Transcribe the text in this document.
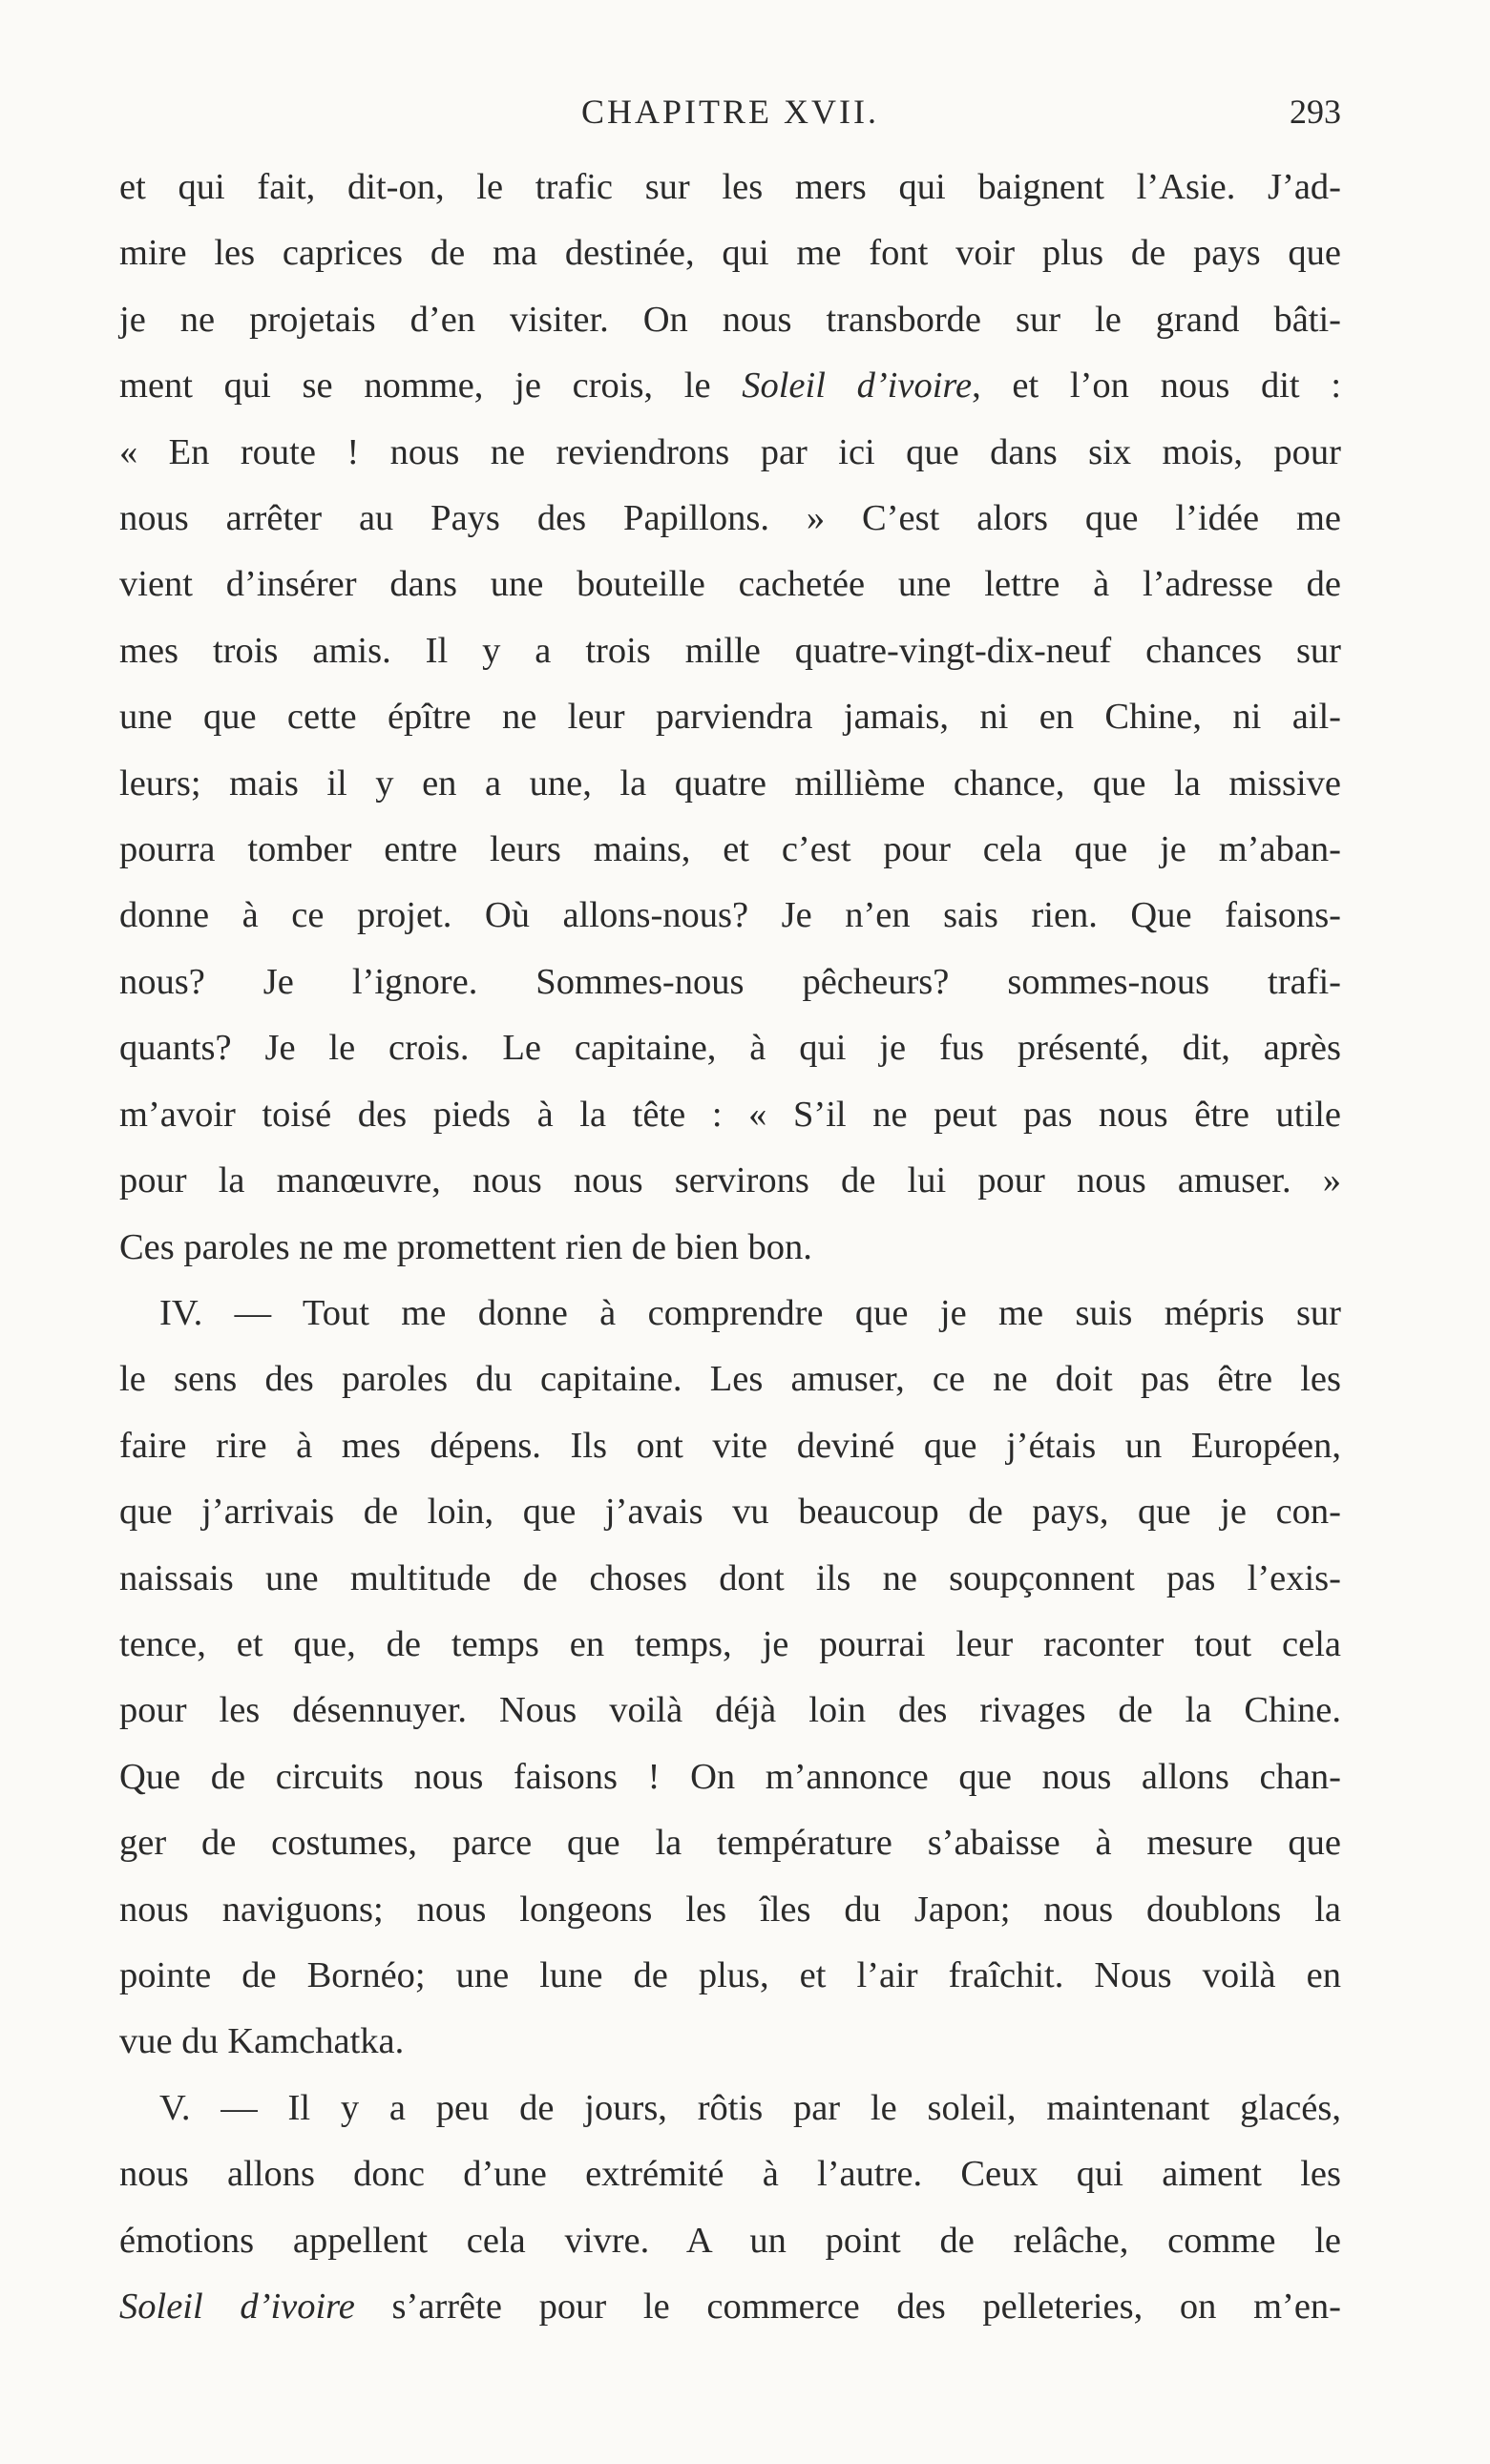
CHAPITRE XVII.	293
et qui fait, dit-on, le trafic sur les mers qui baignent l’Asie. J’ad-
mire les caprices de ma destinée, qui me font voir plus de pays que
je ne projetais d’en visiter. On nous transborde sur le grand bâti-
ment qui se nomme, je crois, le Soleil d’ivoire, et l’on nous dit :
« En route ! nous ne reviendrons par ici que dans six mois, pour
nous arrêter au Pays des Papillons. » C’est alors que l’idée me
vient d’insérer dans une bouteille cachetée une lettre à l’adresse de
mes trois amis. Il y a trois mille quatre-vingt-dix-neuf chances sur
une que cette épître ne leur parviendra jamais, ni en Chine, ni ail-
leurs; mais il y en a une, la quatre millième chance, que la missive
pourra tomber entre leurs mains, et c’est pour cela que je m’aban-
donne à ce projet. Où allons-nous? Je n’en sais rien. Que faisons-
nous? Je l’ignore. Sommes-nous pêcheurs? sommes-nous trafi-
quants? Je le crois. Le capitaine, à qui je fus présenté, dit, après
m’avoir toisé des pieds à la tête : « S’il ne peut pas nous être utile
pour la manœuvre, nous nous servirons de lui pour nous amuser. »
Ces paroles ne me promettent rien de bien bon.
IV. — Tout me donne à comprendre que je me suis mépris sur
le sens des paroles du capitaine. Les amuser, ce ne doit pas être les
faire rire à mes dépens. Ils ont vite deviné que j’étais un Européen,
que j’arrivais de loin, que j’avais vu beaucoup de pays, que je con-
naissais une multitude de choses dont ils ne soupçonnent pas l’exis-
tence, et que, de temps en temps, je pourrai leur raconter tout cela
pour les désennuyer. Nous voilà déjà loin des rivages de la Chine.
Que de circuits nous faisons ! On m’annonce que nous allons chan-
ger de costumes, parce que la température s’abaisse à mesure que
nous naviguons; nous longeons les îles du Japon; nous doublons la
pointe de Bornéo; une lune de plus, et l’air fraîchit. Nous voilà en
vue du Kamchatka.
V. — Il y a peu de jours, rôtis par le soleil, maintenant glacés,
nous allons donc d’une extrémité à l’autre. Ceux qui aiment les
émotions appellent cela vivre. A un point de relâche, comme le
Soleil d’ivoire s’arrête pour le commerce des pelleteries, on m’en-
